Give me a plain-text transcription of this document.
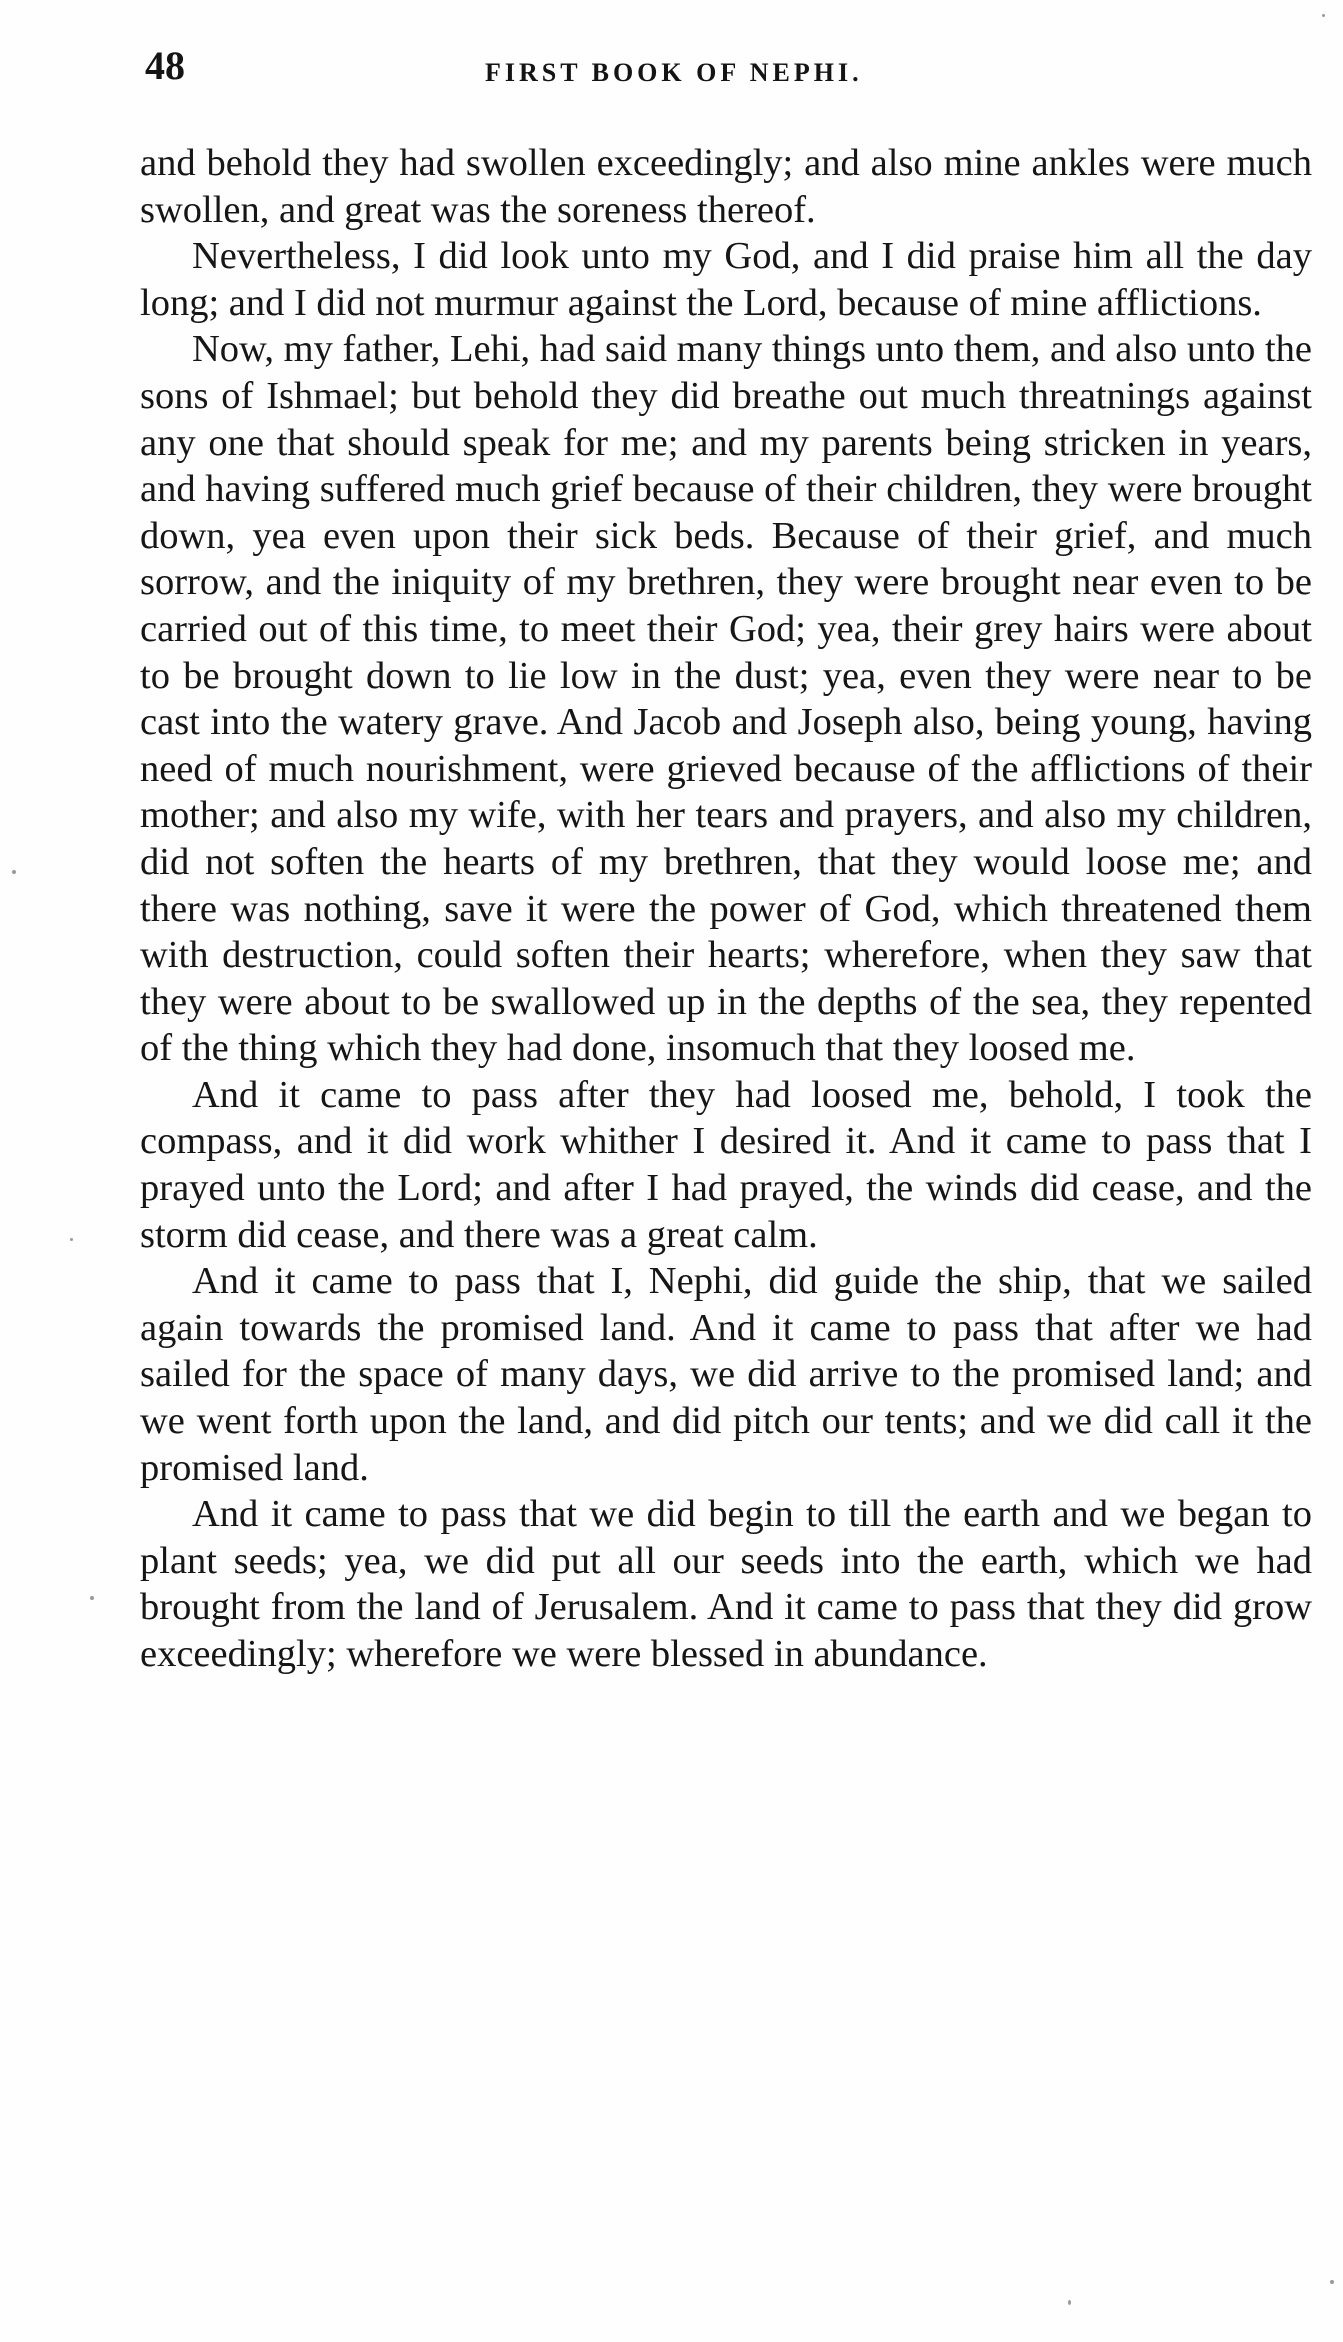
48	FIRST BOOK OF NEPHI.

and behold they had swollen exceedingly; and also mine ankles were much swollen, and great was the soreness thereof.

Nevertheless, I did look unto my God, and I did praise him all the day long; and I did not murmur against the Lord, because of mine afflictions.

Now, my father, Lehi, had said many things unto them, and also unto the sons of Ishmael; but behold they did breathe out much threatnings against any one that should speak for me; and my parents being stricken in years, and having suffered much grief because of their children, they were brought down, yea even upon their sick beds. Because of their grief, and much sorrow, and the iniquity of my brethren, they were brought near even to be carried out of this time, to meet their God; yea, their grey hairs were about to be brought down to lie low in the dust; yea, even they were near to be cast into the watery grave. And Jacob and Joseph also, being young, having need of much nourishment, were grieved because of the afflictions of their mother; and also my wife, with her tears and prayers, and also my children, did not soften the hearts of my brethren, that they would loose me; and there was nothing, save it were the power of God, which threatened them with destruction, could soften their hearts; wherefore, when they saw that they were about to be swallowed up in the depths of the sea, they repented of the thing which they had done, insomuch that they loosed me.

And it came to pass after they had loosed me, behold, I took the compass, and it did work whither I desired it. And it came to pass that I prayed unto the Lord; and after I had prayed, the winds did cease, and the storm did cease, and there was a great calm.

And it came to pass that I, Nephi, did guide the ship, that we sailed again towards the promised land. And it came to pass that after we had sailed for the space of many days, we did arrive to the promised land; and we went forth upon the land, and did pitch our tents; and we did call it the promised land.

And it came to pass that we did begin to till the earth and we began to plant seeds; yea, we did put all our seeds into the earth, which we had brought from the land of Jerusalem. And it came to pass that they did grow exceedingly; wherefore we were blessed in abundance.
